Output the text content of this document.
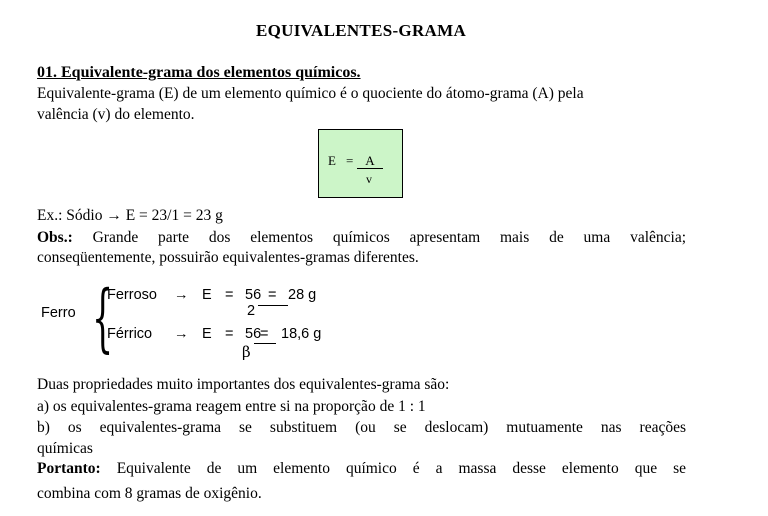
EQUIVALENTES-GRAMA
01. Equivalente-grama dos elementos químicos.
Equivalente-grama (E) de um elemento químico é o quociente do átomo-grama (A) pela
valência (v) do elemento.
E = A
v
Ex.: Sódio → E = 23/1 = 23 g
Obs.: Grande parte dos elementos químicos apresentam mais de uma valência;
conseqüentemente, possuirão equivalentes-gramas diferentes.
Ferro {
Ferroso → E = 56 = 28 g
2
Férrico → E = 56
= 18,6 g
β
Duas propriedades muito importantes dos equivalentes-grama são:
a) os equivalentes-grama reagem entre si na proporção de 1 : 1
b) os equivalentes-grama se substituem (ou se deslocam) mutuamente nas reações
químicas
Portanto: Equivalente de um elemento químico é a massa desse elemento que se
combina com 8 gramas de oxigênio.
